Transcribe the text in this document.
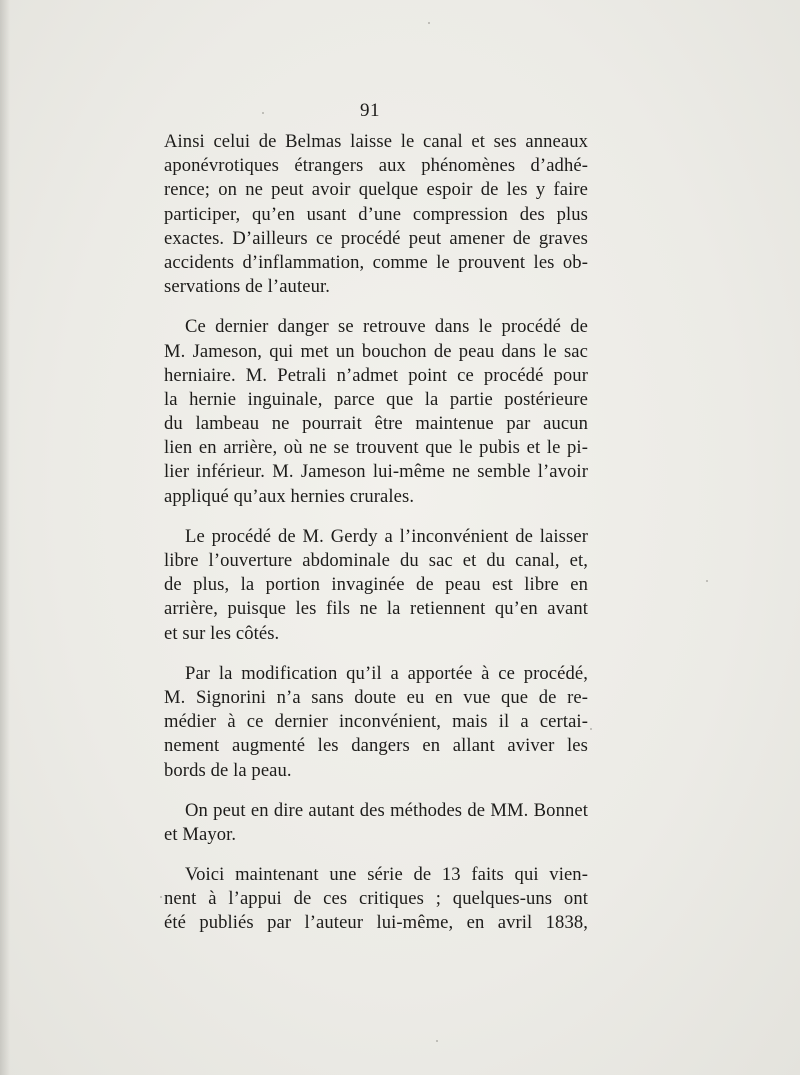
91
Ainsi celui de Belmas laisse le canal et ses anneaux
aponévrotiques étrangers aux phénomènes d’adhé-
rence; on ne peut avoir quelque espoir de les y faire
participer, qu’en usant d’une compression des plus
exactes. D’ailleurs ce procédé peut amener de graves
accidents d’inflammation, comme le prouvent les ob-
servations de l’auteur.
Ce dernier danger se retrouve dans le procédé de
M. Jameson, qui met un bouchon de peau dans le sac
herniaire. M. Petrali n’admet point ce procédé pour
la hernie inguinale, parce que la partie postérieure
du lambeau ne pourrait être maintenue par aucun
lien en arrière, où ne se trouvent que le pubis et le pi-
lier inférieur. M. Jameson lui-même ne semble l’avoir
appliqué qu’aux hernies crurales.
Le procédé de M. Gerdy a l’inconvénient de laisser
libre l’ouverture abdominale du sac et du canal, et,
de plus, la portion invaginée de peau est libre en
arrière, puisque les fils ne la retiennent qu’en avant
et sur les côtés.
Par la modification qu’il a apportée à ce procédé,
M. Signorini n’a sans doute eu en vue que de re-
médier à ce dernier inconvénient, mais il a certai-
nement augmenté les dangers en allant aviver les
bords de la peau.
On peut en dire autant des méthodes de MM. Bonnet
et Mayor.
Voici maintenant une série de 13 faits qui vien-
nent à l’appui de ces critiques ; quelques-uns ont
été publiés par l’auteur lui-même, en avril 1838,
